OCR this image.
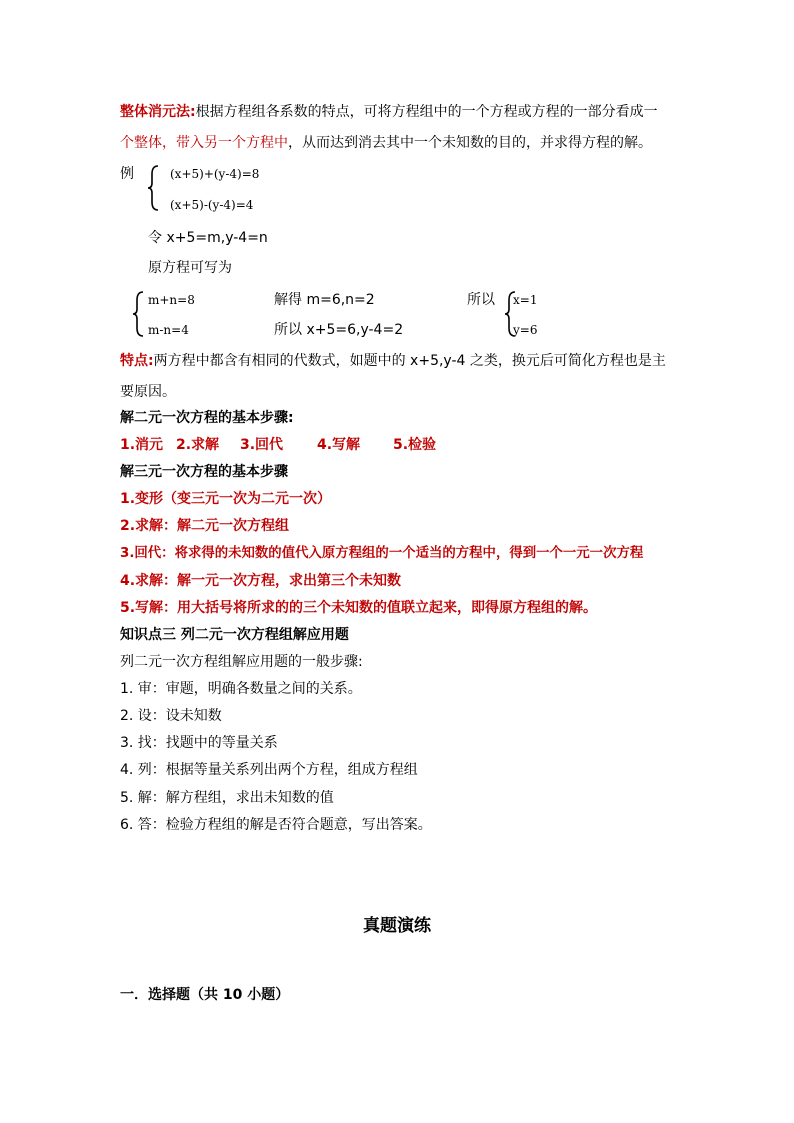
整体消元法:根据方程组各系数的特点，可将方程组中的一个方程或方程的一部分看成一
个整体，带入另一个方程中，从而达到消去其中一个未知数的目的，并求得方程的解。
例	(x+5)+(y-4)=8
(x+5)-(y-4)=4
令 x+5=m,y-4=n
原方程可写为
m+n=8
m-n=4
解得 m=6,n=2
所以 x+5=6,y-4=2
所以 x=1
y=6
特点:两方程中都含有相同的代数式，如题中的 x+5,y-4 之类，换元后可简化方程也是主
要原因。
解二元一次方程的基本步骤:
1.消元 2.求解 3.回代 4.写解 5.检验
解三元一次方程的基本步骤
1.变形（变三元一次为二元一次）
2.求解：解二元一次方程组
3.回代：将求得的未知数的值代入原方程组的一个适当的方程中，得到一个一元一次方程
4.求解：解一元一次方程，求出第三个未知数
5.写解：用大括号将所求的的三个未知数的值联立起来，即得原方程组的解。
知识点三 列二元一次方程组解应用题
列二元一次方程组解应用题的一般步骤:
1. 审：审题，明确各数量之间的关系。
2. 设：设未知数
3. 找：找题中的等量关系
4. 列：根据等量关系列出两个方程，组成方程组
5. 解：解方程组，求出未知数的值
6. 答：检验方程组的解是否符合题意，写出答案。
真题演练
一．选择题（共 10 小题）
